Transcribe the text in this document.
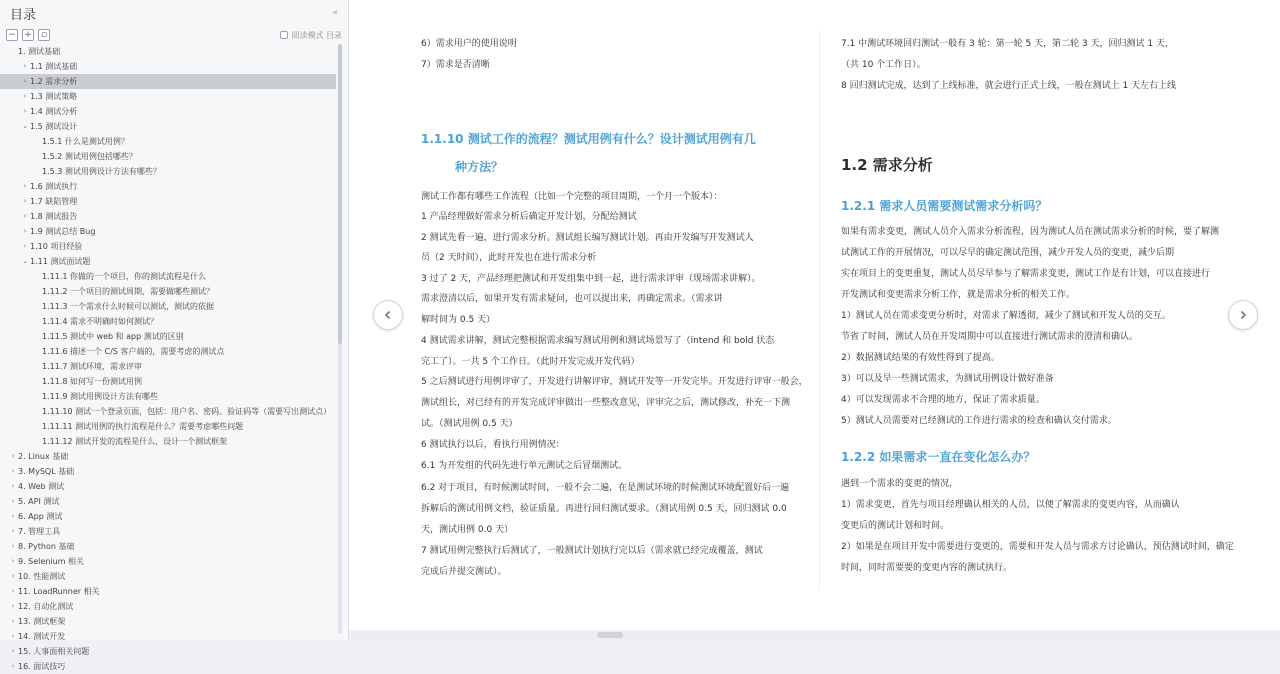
目录	«
− +	▫	阅读模式 目录
1. 测试基础
› 1.1 测试基础
› 1.2 需求分析
› 1.3 测试策略
› 1.4 测试分析
⌄ 1.5 测试设计
1.5.1 什么是测试用例？
1.5.2 测试用例包括哪些？
1.5.3 测试用例设计方法有哪些？
› 1.6 测试执行
› 1.7 缺陷管理
› 1.8 测试报告
› 1.9 测试总结 Bug
› 1.10 项目经验
⌄ 1.11 测试面试题
1.11.1 你做的一个项目，你的测试流程是什么
1.11.2 一个项目的测试周期，需要做哪些测试？
1.11.3 一个需求什么时候可以测试，测试的依据
1.11.4 需求不明确时如何测试？
1.11.5 测试中 web 和 app 测试的区别
1.11.6 描述一个 C/S 客户端的，需要考虑的测试点
1.11.7 测试环境，需求评审
1.11.8 如何写一份测试用例
1.11.9 测试用例设计方法有哪些
1.11.10 测试一个登录页面，包括：用户名、密码、验证码等（需要写出测试点）
1.11.11 测试用例的执行流程是什么？需要考虑哪些问题
1.11.12 测试开发的流程是什么，设计一个测试框架
› 2. Linux 基础
› 3. MySQL 基础
› 4. Web 测试
› 5. API 测试
› 6. App 测试
› 7. 管理工具
› 8. Python 基础
› 9. Selenium 相关
› 10. 性能测试
› 11. LoadRunner 相关
› 12. 自动化测试
› 13. 测试框架
› 14. 测试开发
› 15. 人事面相关问题
› 16. 面试技巧
1.1.10 测试工作的流程？测试用例有什么？设计测试用例有几
种方法？
6）需求用户的使用说明
7）需求是否清晰
测试工作都有哪些工作流程（比如一个完整的项目周期，一个月一个版本）：
1 产品经理做好需求分析后确定开发计划，分配给测试
2 测试先看一遍，进行需求分析。测试组长编写测试计划。再由开发编写开发测试人
员（2 天时间），此时开发也在进行需求分析
3 过了 2 天，产品经理把测试和开发组集中到一起，进行需求评审（现场需求讲解）。
需求澄清以后，如果开发有需求疑问，也可以提出来，再确定需求。（需求讲
解时间为 0.5 天）
4 测试需求讲解，测试完整根据需求编写测试用例和测试场景写了（intend 和 bold 状态
完工了）。一共 5 个工作日。（此时开发完成开发代码）
5 之后测试进行用例评审了，开发进行讲解评审，测试开发等一开发完毕。开发进行评审一般会，
测试组长，对已经有的开发完成评审做出一些整改意见，评审完之后，测试修改，补充一下测
试。（测试用例 0.5 天）
6 测试执行以后，看执行用例情况：
6.1 为开发组的代码先进行单元测试之后冒烟测试。
6.2 对于项目，有时候测试时间，一般不会二遍，在是测试环境的时候测试环境配置好后一遍
拆解后的测试用例文档，验证质量。再进行回归测试要求。（测试用例 0.5 天，回归测试 0.0
天，测试用例 0.0 天）
7 测试用例完整执行后测试了，一般测试计划执行完以后（需求就已经完成覆盖，测试
完成后并提交测试）。
1.2 需求分析
1.2.1 需求人员需要测试需求分析吗？
1.2.2 如果需求一直在变化怎么办？
7.1 中测试环境回归测试一般有 3 轮：第一轮 5 天，第二轮 3 天，回归测试 1 天，
（共 10 个工作日）。
8 回归测试完成，达到了上线标准，就会进行正式上线，一般在测试上 1 天左右上线
如果有需求变更，测试人员介入需求分析流程，因为测试人员在测试需求分析的时候，要了解测
试测试工作的开展情况，可以尽早的确定测试范围，减少开发人员的变更，减少后期
实在项目上的变更重复，测试人员尽早参与了解需求变更，测试工作是有计划，可以直接进行
开发测试和变更需求分析工作，就是需求分析的相关工作。
1）测试人员在需求变更分析时，对需求了解透彻，减少了测试和开发人员的交互。
节省了时间，测试人员在开发周期中可以直接进行测试需求的澄清和确认。
2）数据测试结果的有效性得到了提高。
3）可以及早一些测试需求，为测试用例设计做好准备
4）可以发现需求不合理的地方，保证了需求质量。
5）测试人员需要对已经测试的工作进行需求的检查和确认交付需求。
遇到一个需求的变更的情况，
1）需求变更，首先与项目经理确认相关的人员，以便了解需求的变更内容，从而确认
变更后的测试计划和时间。
2）如果是在项目开发中需要进行变更的，需要和开发人员与需求方讨论确认，预估测试时间，确定
时间，同时需要要的变更内容的测试执行。
